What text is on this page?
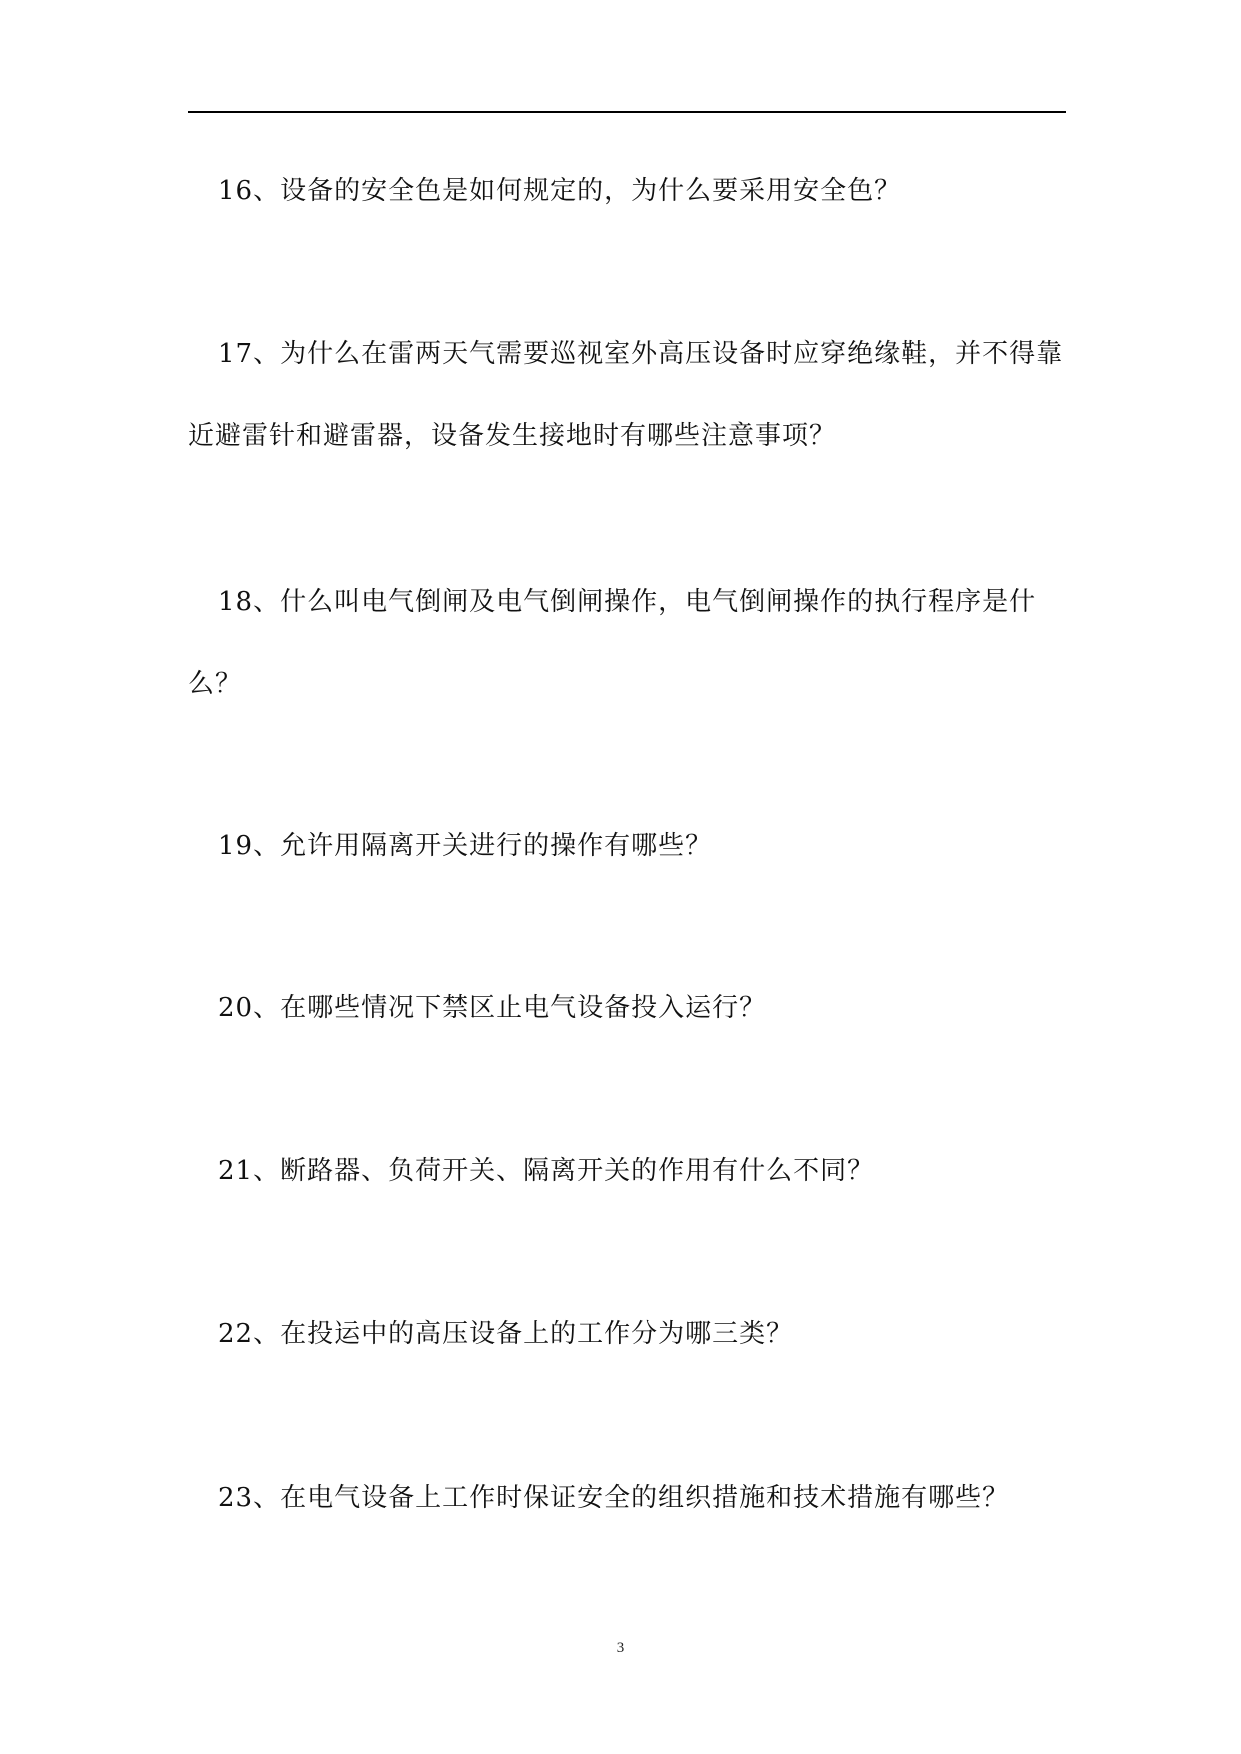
16、设备的安全色是如何规定的，为什么要采用安全色？

17、为什么在雷两天气需要巡视室外高压设备时应穿绝缘鞋，并不得靠近避雷针和避雷器，设备发生接地时有哪些注意事项？

18、什么叫电气倒闸及电气倒闸操作，电气倒闸操作的执行程序是什么？

19、允许用隔离开关进行的操作有哪些？

20、在哪些情况下禁区止电气设备投入运行？

21、断路器、负荷开关、隔离开关的作用有什么不同？

22、在投运中的高压设备上的工作分为哪三类？

23、在电气设备上工作时保证安全的组织措施和技术措施有哪些？

3
